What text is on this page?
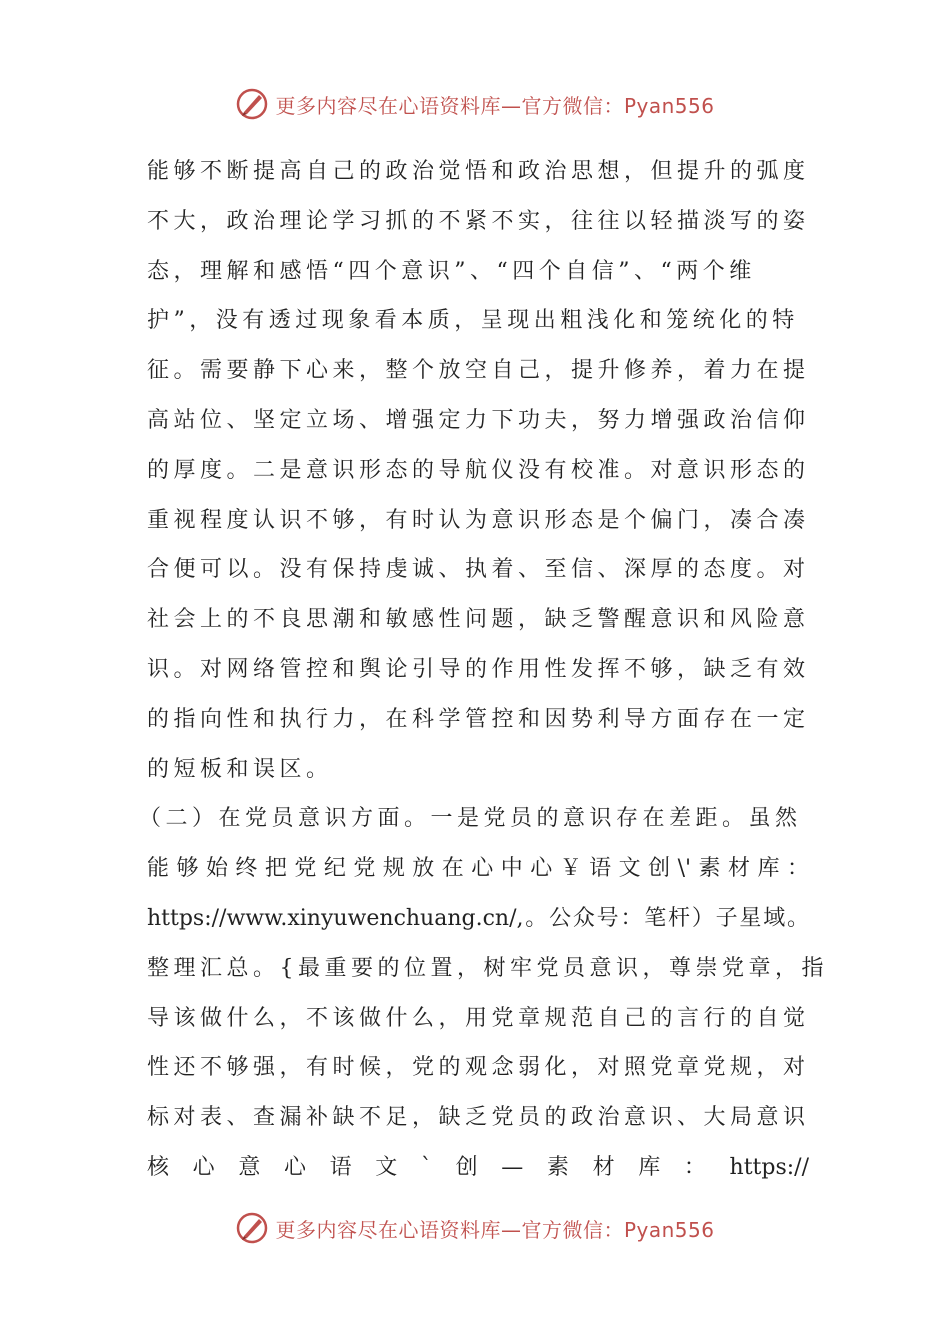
更多内容尽在心语资料库—官方微信：Pyan556
能够不断提高自己的政治觉悟和政治思想，但提升的弧度
不大，政治理论学习抓的不紧不实，往往以轻描淡写的姿
态，理解和感悟“四个意识”、“四个自信”、“两个维
护”，没有透过现象看本质，呈现出粗浅化和笼统化的特
征。需要静下心来，整个放空自己，提升修养，着力在提
高站位、坚定立场、增强定力下功夫，努力增强政治信仰
的厚度。二是意识形态的导航仪没有校准。对意识形态的
重视程度认识不够，有时认为意识形态是个偏门，凑合凑
合便可以。没有保持虔诚、执着、至信、深厚的态度。对
社会上的不良思潮和敏感性问题，缺乏警醒意识和风险意
识。对网络管控和舆论引导的作用性发挥不够，缺乏有效
的指向性和执行力，在科学管控和因势利导方面存在一定
的短板和误区。
（二）在党员意识方面。一是党员的意识存在差距。虽然
能够始终把党纪党规放在心中心￥语文创\'素材库：
https://www.xinyuwenchuang.cn/,。公众号：笔杆）子星域。
整理汇总。{最重要的位置，树牢党员意识，尊崇党章，指
导该做什么，不该做什么，用党章规范自己的言行的自觉
性还不够强，有时候，党的观念弱化，对照党章党规，对
标对表、查漏补缺不足，缺乏党员的政治意识、大局意识
核心意心语文`创—素材库：https://
更多内容尽在心语资料库—官方微信：Pyan556
